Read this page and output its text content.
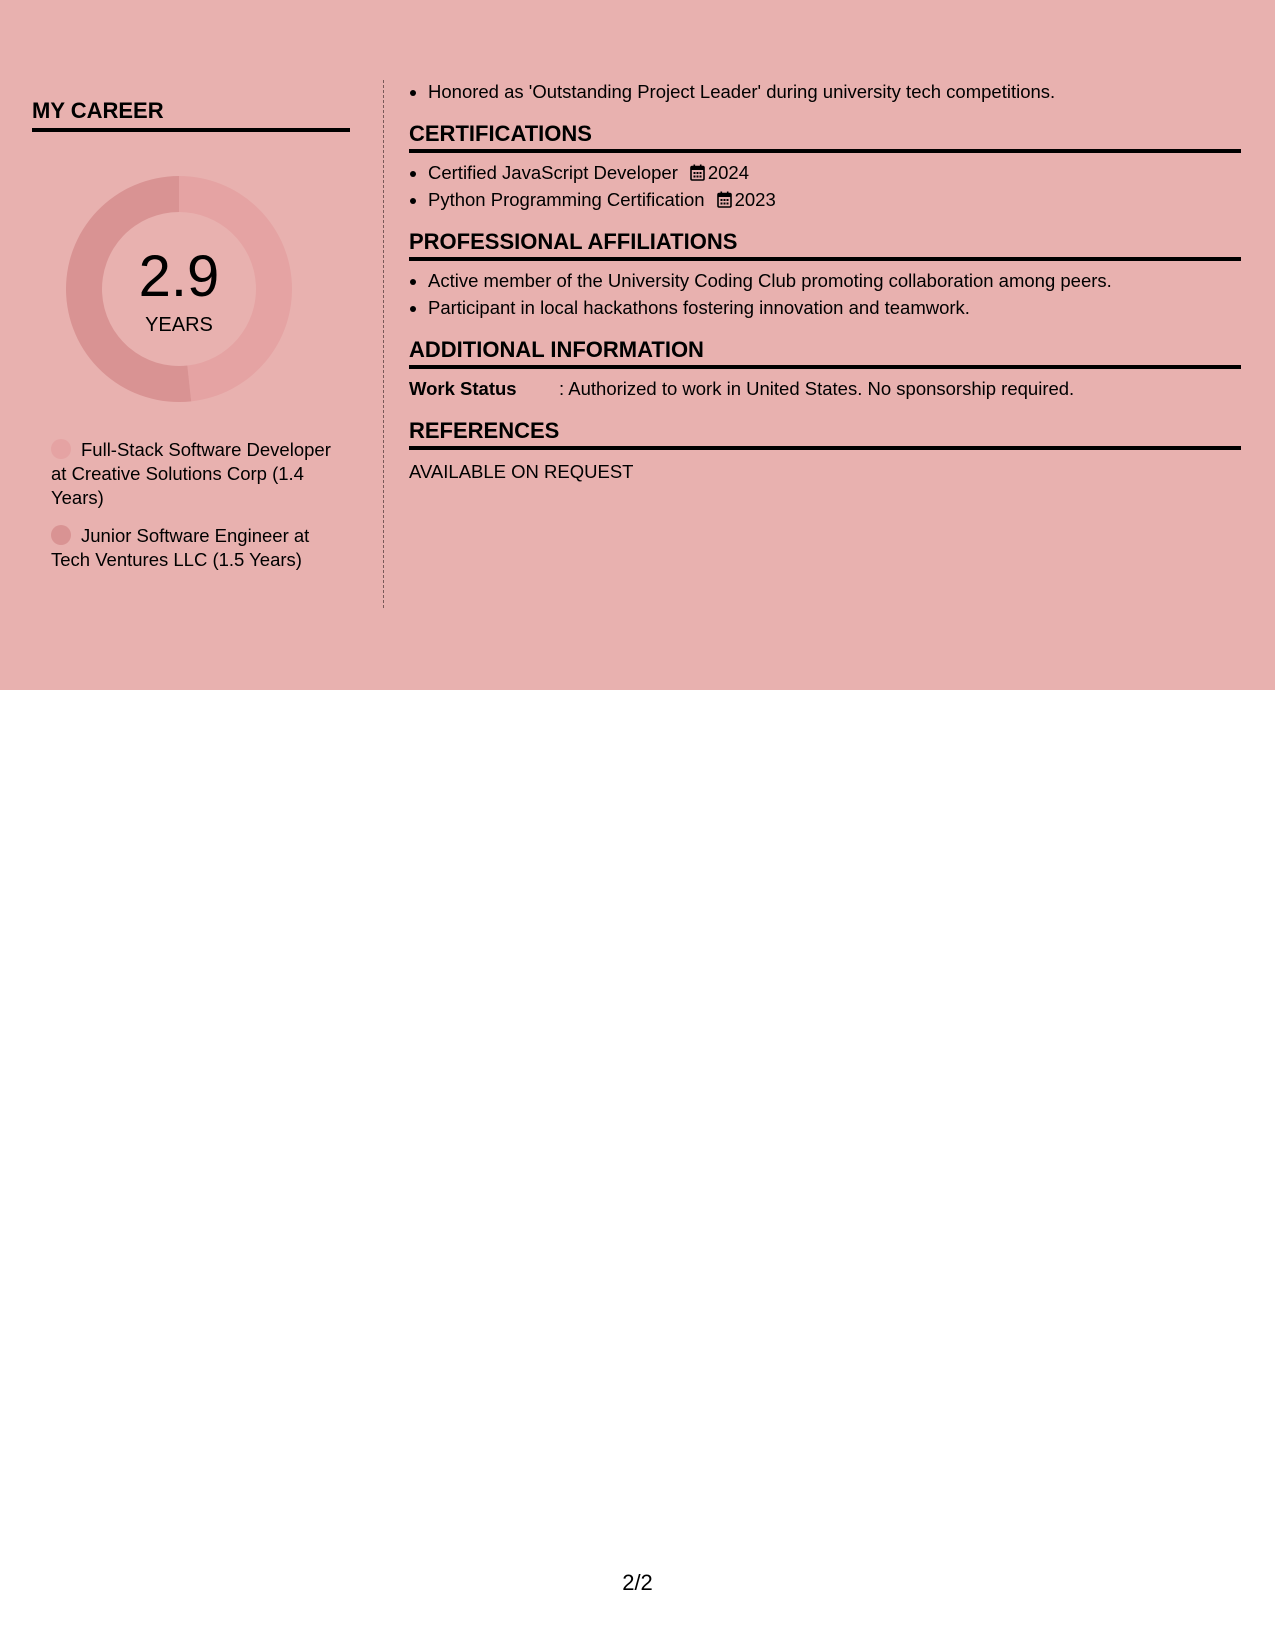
MY CAREER
2.9
YEARS
Full-Stack Software Developer at Creative Solutions Corp (1.4 Years)
Junior Software Engineer at Tech Ventures LLC (1.5 Years)
• Honored as 'Outstanding Project Leader' during university tech competitions.
CERTIFICATIONS
• Certified JavaScript Developer 2024
• Python Programming Certification 2023
PROFESSIONAL AFFILIATIONS
• Active member of the University Coding Club promoting collaboration among peers.
• Participant in local hackathons fostering innovation and teamwork.
ADDITIONAL INFORMATION
Work Status : Authorized to work in United States. No sponsorship required.
REFERENCES
AVAILABLE ON REQUEST
2/2
